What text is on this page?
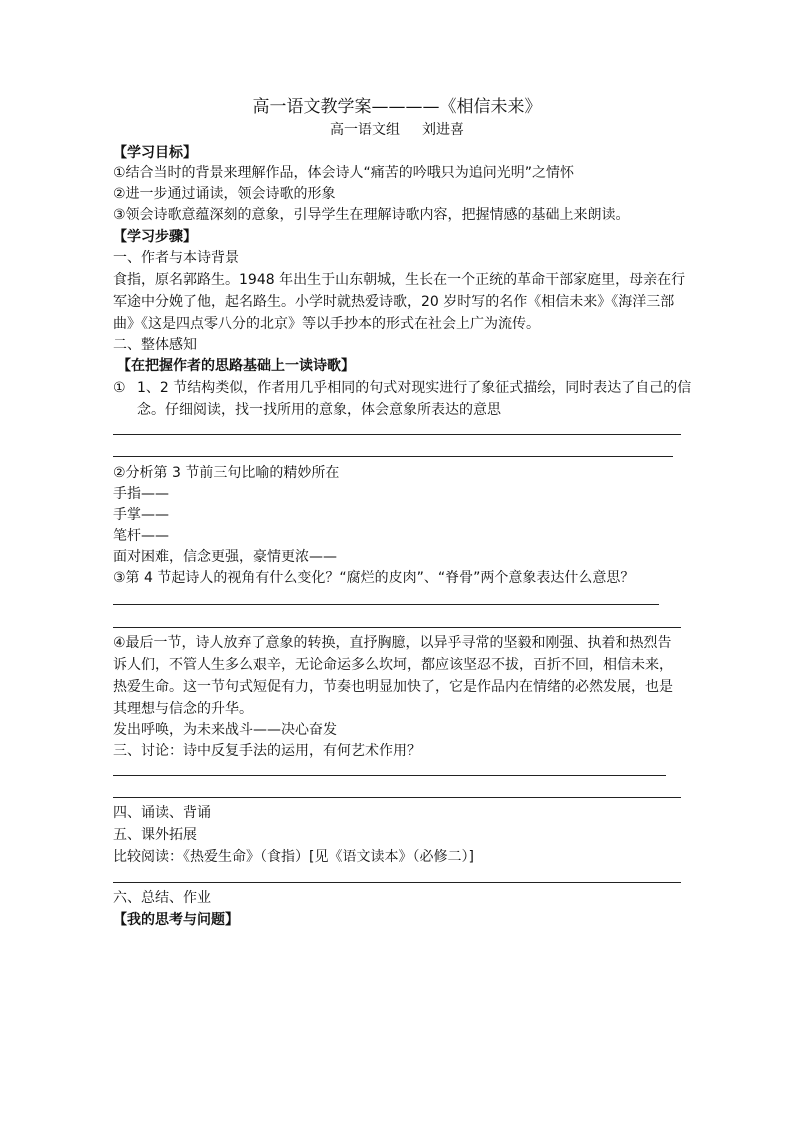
高一语文教学案————《相信未来》
高一语文组 刘进喜
【学习目标】
①结合当时的背景来理解作品，体会诗人“痛苦的吟哦只为追问光明”之情怀
②进一步通过诵读，领会诗歌的形象
③领会诗歌意蕴深刻的意象，引导学生在理解诗歌内容，把握情感的基础上来朗读。
【学习步骤】
一、作者与本诗背景
食指，原名郭路生。1948 年出生于山东朝城，生长在一个正统的革命干部家庭里，母亲在行
军途中分娩了他，起名路生。小学时就热爱诗歌，20 岁时写的名作《相信未来》《海洋三部
曲》《这是四点零八分的北京》等以手抄本的形式在社会上广为流传。
二、整体感知
【在把握作者的思路基础上一读诗歌】
① 1、2 节结构类似，作者用几乎相同的句式对现实进行了象征式描绘，同时表达了自己的信
念。仔细阅读，找一找所用的意象，体会意象所表达的意思
②分析第 3 节前三句比喻的精妙所在
手指——
手掌——
笔杆——
面对困难，信念更强，豪情更浓——
③第 4 节起诗人的视角有什么变化？“腐烂的皮肉”、“脊骨”两个意象表达什么意思？
④最后一节，诗人放弃了意象的转换，直抒胸臆，以异乎寻常的坚毅和刚强、执着和热烈告
诉人们，不管人生多么艰辛，无论命运多么坎坷，都应该坚忍不拔，百折不回，相信未来，
热爱生命。这一节句式短促有力，节奏也明显加快了，它是作品内在情绪的必然发展，也是
其理想与信念的升华。
发出呼唤，为未来战斗——决心奋发
三、讨论：诗中反复手法的运用，有何艺术作用？
四、诵读、背诵
五、课外拓展
比较阅读：《热爱生命》（食指）[见《语文读本》（必修二）]
六、总结、作业
【我的思考与问题】
